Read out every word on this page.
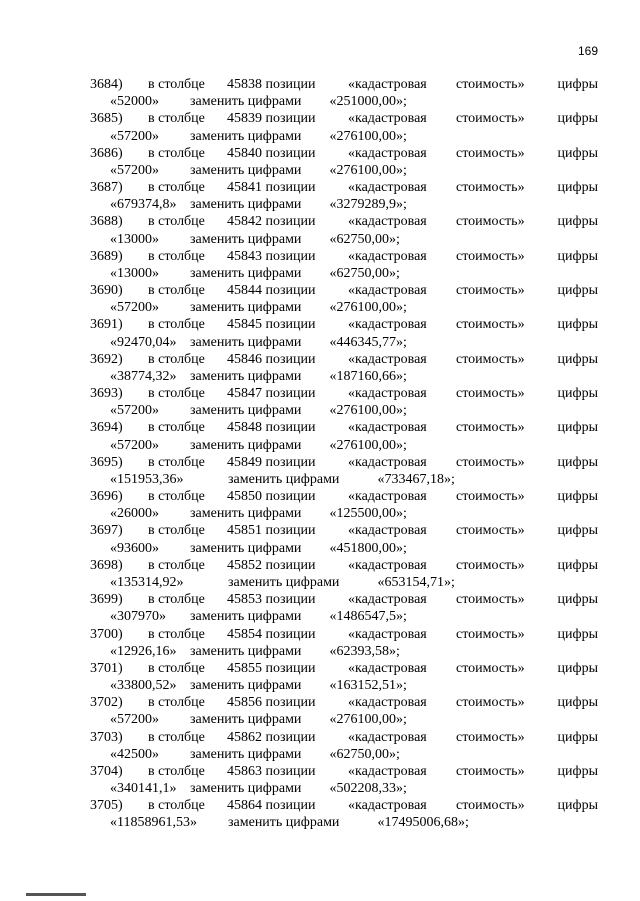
169
3684) в столбце 45838 позиции «кадастровая стоимость» цифры
«52000»	заменить цифрами «251000,00»;
3685) в столбце 45839 позиции «кадастровая стоимость» цифры
«57200»	заменить цифрами «276100,00»;
3686) в столбце 45840 позиции «кадастровая стоимость» цифры
«57200»	заменить цифрами «276100,00»;
3687) в столбце 45841 позиции «кадастровая стоимость» цифры
«679374,8» заменить цифрами «3279289,9»;
3688) в столбце 45842 позиции «кадастровая стоимость» цифры
«13000»	заменить цифрами «62750,00»;
3689) в столбце 45843 позиции «кадастровая стоимость» цифры
«13000»	заменить цифрами «62750,00»;
3690) в столбце 45844 позиции «кадастровая стоимость» цифры
«57200»	заменить цифрами «276100,00»;
3691) в столбце 45845 позиции «кадастровая стоимость» цифры
«92470,04» заменить цифрами «446345,77»;
3692) в столбце 45846 позиции «кадастровая стоимость» цифры
«38774,32» заменить цифрами «187160,66»;
3693) в столбце 45847 позиции «кадастровая стоимость» цифры
«57200»	заменить цифрами «276100,00»;
3694) в столбце 45848 позиции «кадастровая стоимость» цифры
«57200»	заменить цифрами «276100,00»;
3695) в столбце 45849 позиции «кадастровая стоимость» цифры
«151953,36»	заменить цифрами	«733467,18»;
3696) в столбце 45850 позиции «кадастровая стоимость» цифры
«26000»	заменить цифрами «125500,00»;
3697) в столбце 45851 позиции «кадастровая стоимость» цифры
«93600»	заменить цифрами «451800,00»;
3698) в столбце 45852 позиции «кадастровая стоимость» цифры
«135314,92»	заменить цифрами	«653154,71»;
3699) в столбце 45853 позиции «кадастровая стоимость» цифры
«307970»	заменить цифрами «1486547,5»;
3700) в столбце 45854 позиции «кадастровая стоимость» цифры
«12926,16» заменить цифрами «62393,58»;
3701) в столбце 45855 позиции «кадастровая стоимость» цифры
«33800,52» заменить цифрами «163152,51»;
3702) в столбце 45856 позиции «кадастровая стоимость» цифры
«57200»	заменить цифрами «276100,00»;
3703) в столбце 45862 позиции «кадастровая стоимость» цифры
«42500»	заменить цифрами «62750,00»;
3704) в столбце 45863 позиции «кадастровая стоимость» цифры
«340141,1» заменить цифрами «502208,33»;
3705) в столбце 45864 позиции «кадастровая стоимость» цифры
«11858961,53»	заменить цифрами	«17495006,68»;
